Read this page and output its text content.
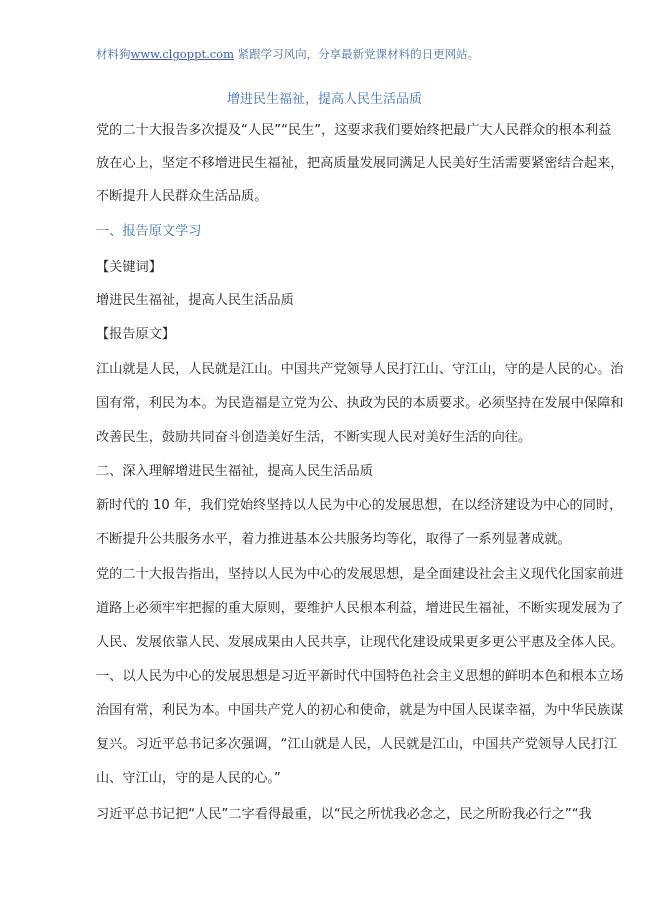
材料狗www.clgoppt.com 紧跟学习风向，分享最新党课材料的日更网站。
增进民生福祉，提高人民生活品质
党的二十大报告多次提及“人民”“民生”，这要求我们要始终把最广大人民群众的根本利益
放在心上，坚定不移增进民生福祉，把高质量发展同满足人民美好生活需要紧密结合起来，
不断提升人民群众生活品质。
一、报告原文学习
【关键词】
增进民生福祉，提高人民生活品质
【报告原文】
江山就是人民，人民就是江山。中国共产党领导人民打江山、守江山，守的是人民的心。治
国有常，利民为本。为民造福是立党为公、执政为民的本质要求。必须坚持在发展中保障和
改善民生，鼓励共同奋斗创造美好生活，不断实现人民对美好生活的向往。
二、深入理解增进民生福祉，提高人民生活品质
新时代的 10 年，我们党始终坚持以人民为中心的发展思想，在以经济建设为中心的同时，
不断提升公共服务水平，着力推进基本公共服务均等化，取得了一系列显著成就。
党的二十大报告指出，坚持以人民为中心的发展思想，是全面建设社会主义现代化国家前进
道路上必须牢牢把握的重大原则，要维护人民根本利益，增进民生福祉，不断实现发展为了
人民、发展依靠人民、发展成果由人民共享，让现代化建设成果更多更公平惠及全体人民。
一、以人民为中心的发展思想是习近平新时代中国特色社会主义思想的鲜明本色和根本立场
治国有常，利民为本。中国共产党人的初心和使命，就是为中国人民谋幸福，为中华民族谋
复兴。习近平总书记多次强调，“江山就是人民，人民就是江山，中国共产党领导人民打江
山、守江山，守的是人民的心。”
习近平总书记把“人民”二字看得最重，以“民之所忧我必念之，民之所盼我必行之”“我
